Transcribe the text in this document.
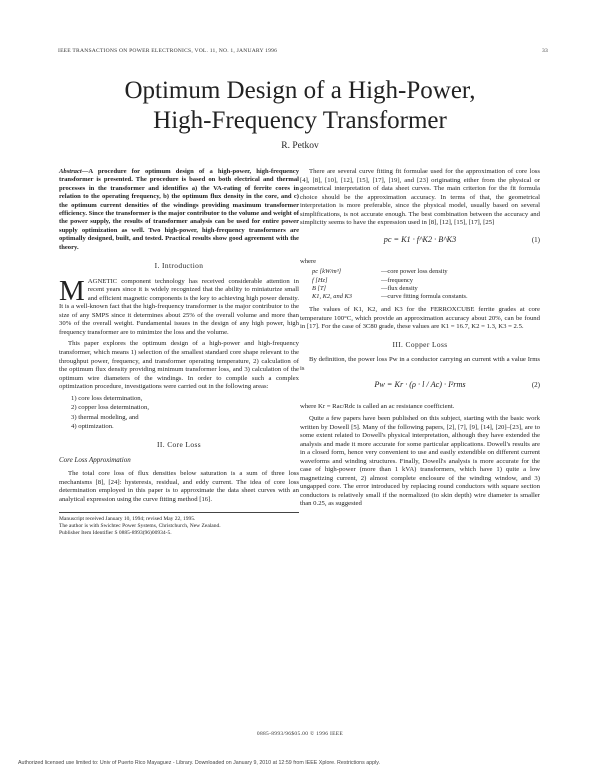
IEEE TRANSACTIONS ON POWER ELECTRONICS, VOL. 11, NO. 1, JANUARY 1996	33
Optimum Design of a High-Power,
High-Frequency Transformer
R. Petkov
Abstract—A procedure for optimum design of a high-power, high-frequency transformer is presented. The procedure is based on both electrical and thermal processes in the transformer and identifies a) the VA-rating of ferrite cores in relation to the operating frequency, b) the optimum flux density in the core, and c) the optimum current densities of the windings providing maximum transformer efficiency. Since the transformer is the major contributor to the volume and weight of the power supply, the results of transformer analysis can be used for entire power supply optimization as well. Two high-power, high-frequency transformers are optimally designed, built, and tested. Practical results show good agreement with the theory.
I. Introduction

MAGNETIC component technology has received considerable attention in recent years since it is widely recognized that the ability to miniaturize small and efficient magnetic components is the key to achieving high power density. It is a well-known fact that the high-frequency transformer is the major contributor to the size of any SMPS since it determines about 25% of the overall volume and more than 30% of the overall weight. Fundamental issues in the design of any high power, high frequency transformer are to minimize the loss and the volume.

This paper explores the optimum design of a high-power and high-frequency transformer, which means 1) selection of the smallest standard core shape relevant to the throughput power, frequency, and transformer operating temperature, 2) calculation of the optimum flux density providing minimum transformer loss, and 3) calculation of the optimum wire diameters of the windings. In order to compile such a complex optimization procedure, investigations were carried out in the following areas:

1) core loss determination,
2) copper loss determination,
3) thermal modeling, and
4) optimization.
II. Core Loss
Core Loss Approximation

The total core loss of flux densities below saturation is a sum of three loss mechanisms [8], [24]: hysteresis, residual, and eddy current. The idea of core loss determination employed in this paper is to approximate the data sheet curves with an analytical expression using the curve fitting method [16].

Manuscript received January 10, 1994; revised May 22, 1995.
The author is with Swichtec Power Systems, Christchurch, New Zealand.
Publisher Item Identifier S 0885-8993(96)00934-5.

There are several curve fitting fit formulae used for the approximation of core loss [4], [8], [10], [12], [15], [17], [19], and [23] originating either from the physical or geometrical interpretation of data sheet curves. The main criterion for the fit formula choice should be the approximation accuracy. In terms of that, the geometrical interpretation is more preferable, since the physical model, usually based on several simplifications, is not accurate enough. The best combination between the accuracy and simplicity seems to have the expression used in [8], [12], [15], [17], [25]

pc = K1 · f^K2 · B^K3	(1)
where
pc [kW/m³]	—core power loss density
f [Hz]	—frequency
B [T]	—flux density
K1, K2, and K3	—curve fitting formula constants.

The values of K1, K2, and K3 for the FERROXCUBE ferrite grades at core temperature 100°C, which provide an approximation accuracy about 20%, can be found in [17]. For the case of 3C80 grade, these values are K1 = 16.7, K2 = 1.3, K3 = 2.5.

III. Copper Loss

By definition, the power loss Pw in a conductor carrying an current with a value Irms is

Pw = Kr · (ρ · l / Ac) · I²rms	(2)

where Kr = Rac/Rdc is called an ac resistance coefficient.

Quite a few papers have been published on this subject, starting with the basic work written by Dowell [5]. Many of the following papers, [2], [7], [9], [14], [20]–[23], are to some extent related to Dowell's physical interpretation, although they have extended the analysis and made it more accurate for some particular applications. Dowell's results are in a closed form, hence very convenient to use and easily extendible on different current waveforms and winding structures. Finally, Dowell's analysis is more accurate for the case of high-power (more than 1 kVA) transformers, which have 1) quite a low magnetizing current, 2) almost complete enclosure of the winding window, and 3) ungapped core. The error introduced by replacing round conductors with square section conductors is relatively small if the normalized (to skin depth) wire diameter is smaller than 0.25, as suggested

0885-8993/96$05.00 © 1996 IEEE
Authorized licensed use limited to: Univ of Puerto Rico Mayaguez - Library. Downloaded on January 9, 2010 at 12:59 from IEEE Xplore. Restrictions apply.
